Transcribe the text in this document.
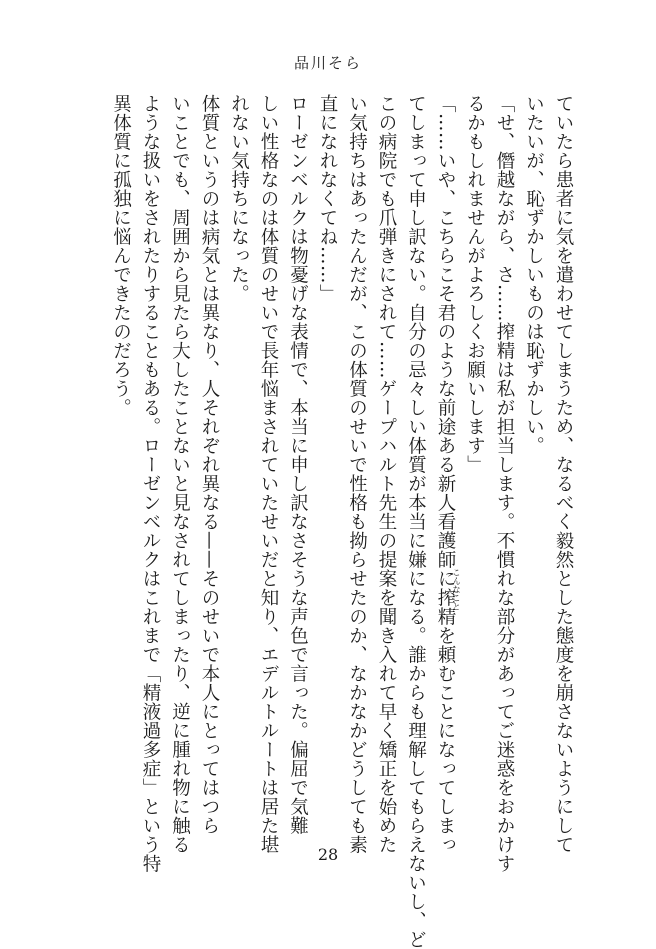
品川そら

ていたら患者に気を遣わせてしまうため、なるべく毅然とした態度を崩さないようにして

いたいが、恥ずかしいものは恥ずかしい。

「せ、僭越ながら、さ……搾精は私が担当します。不慣れな部分があってご迷惑をおかけす

るかもしれませんがよろしくお願いします」

「……いや、こちらこそ君のような前途ある新人看護師に搾精
こんなこと
を頼むことになってしまっ

てしまって申し訳ない。自分の忌々しい体質が本当に嫌になる。誰からも理解してもらえないし、ど

この病院でも爪弾きにされて……ゲープハルト先生の提案を聞き入れて早く矯正を始めた

い気持ちはあったんだが、この体質のせいで性格も拗らせたのか、なかなかどうしても素

直になれなくてね……」

ローゼンベルクは物憂げな表情で、本当に申し訳なさそうな声色で言った。偏屈で気難

しい性格なのは体質のせいで長年悩まされていたせいだと知り、エデルトルートは居た堪

れない気持ちになった。

体質というのは病気とは異なり、人それぞれ異なる——そのせいで本人にとってはつら

いことでも、周囲から見たら大したことないと見なされてしまったり、逆に腫れ物に触る

ような扱いをされたりすることもある。ローゼンベルクはこれまで「精液過多症」という特

異体質に孤独に悩んできたのだろう。

28
